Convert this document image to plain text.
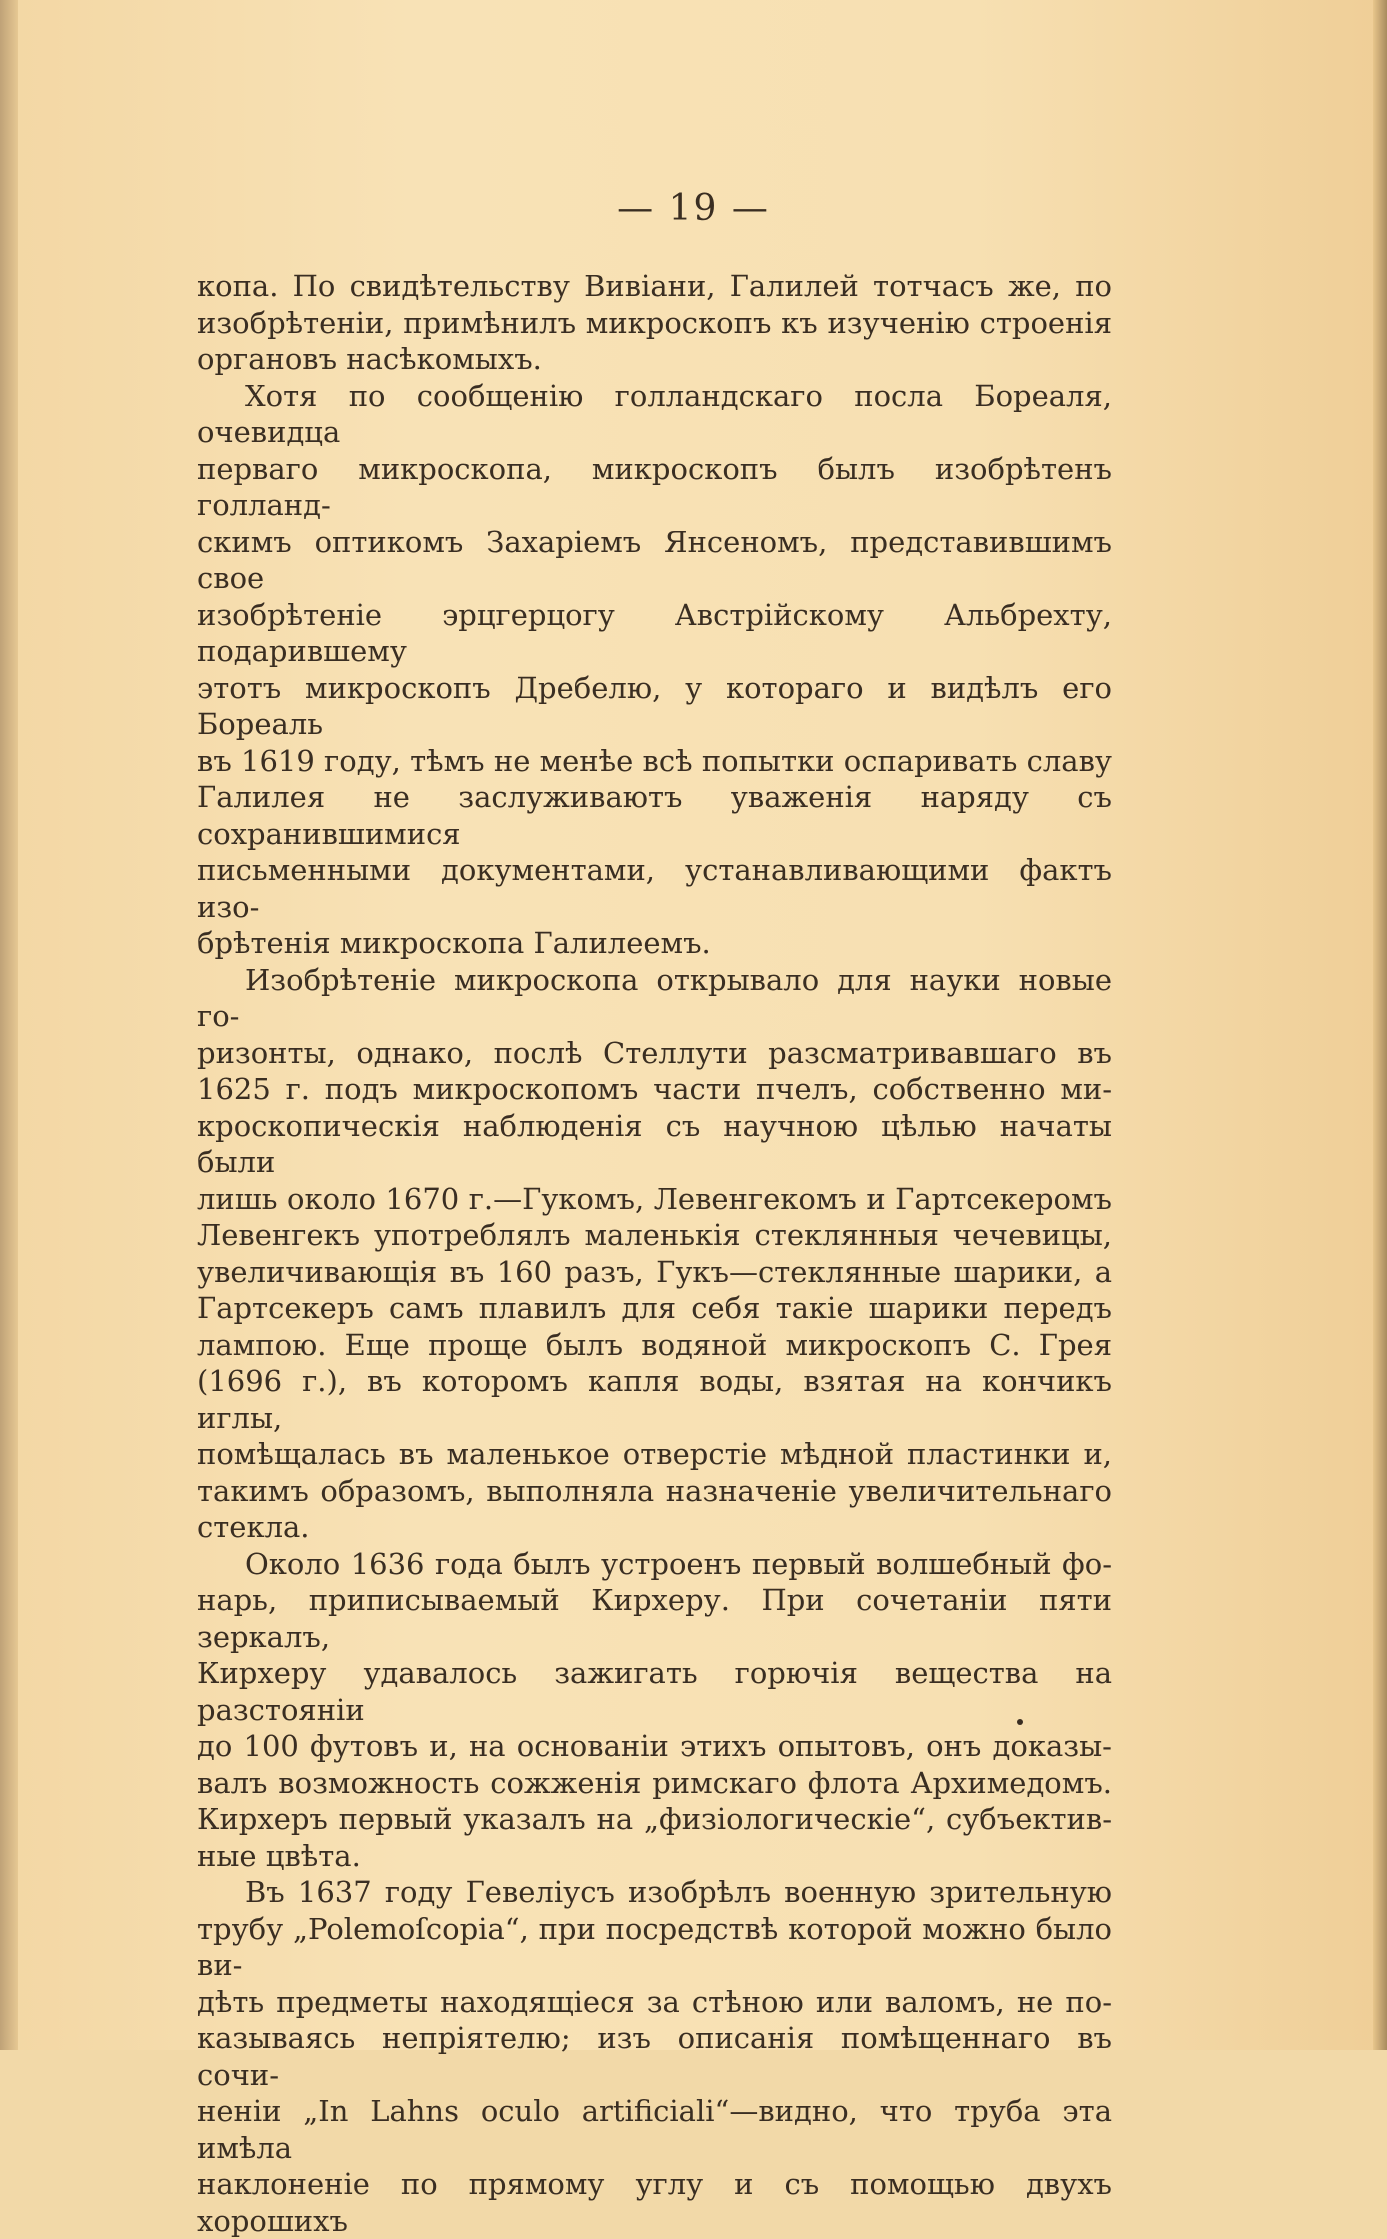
— 19 —

копа. По свидѣтельству Вивіани, Галилей тотчасъ же, по
изобрѣтеніи, примѣнилъ микроскопъ къ изученію строенія
органовъ насѣкомыхъ.
Хотя по сообщенію голландскаго посла Бореаля, очевидца
перваго микроскопа, микроскопъ былъ изобрѣтенъ голланд-
скимъ оптикомъ Захаріемъ Янсеномъ, представившимъ свое
изобрѣтеніе эрцгерцогу Австрійскому Альбрехту, подарившему
этотъ микроскопъ Дребелю, у котораго и видѣлъ его Бореаль
въ 1619 году, тѣмъ не менѣе всѣ попытки оспаривать славу
Галилея не заслуживаютъ уваженія наряду съ сохранившимися
письменными документами, устанавливающими фактъ изо-
брѣтенія микроскопа Галилеемъ.
Изобрѣтеніе микроскопа открывало для науки новые го-
ризонты, однако, послѣ Стеллути разсматривавшаго въ
1625 г. подъ микроскопомъ части пчелъ, собственно ми-
кроскопическія наблюденія съ научною цѣлью начаты были
лишь около 1670 г.—Гукомъ, Левенгекомъ и Гартсекеромъ
Левенгекъ употреблялъ маленькія стеклянныя чечевицы,
увеличивающія въ 160 разъ, Гукъ—стеклянные шарики, а
Гартсекеръ самъ плавилъ для себя такіе шарики передъ
лампою. Еще проще былъ водяной микроскопъ С. Грея
(1696 г.), въ которомъ капля воды, взятая на кончикъ иглы,
помѣщалась въ маленькое отверстіе мѣдной пластинки и,
такимъ образомъ, выполняла назначеніе увеличительнаго
стекла.
Около 1636 года былъ устроенъ первый волшебный фо-
нарь, приписываемый Кирхеру. При сочетаніи пяти зеркалъ,
Кирхеру удавалось зажигать горючія вещества на разстояніи
до 100 футовъ и, на основаніи этихъ опытовъ, онъ доказы-
валъ возможность сожженія римскаго флота Архимедомъ.
Кирхеръ первый указалъ на „физіологическіе“, субъектив-
ные цвѣта.
Въ 1637 году Гевеліусъ изобрѣлъ военную зрительную
трубу „Polemoſcopia“, при посредствѣ которой можно было ви-
дѣть предметы находящіеся за стѣною или валомъ, не по-
казываясь непріятелю; изъ описанія помѣщеннаго въ сочи-
неніи „In Lahns oculo artificiali“—видно, что труба эта имѣла
наклоненіе по прямому углу и съ помощью двухъ хорошихъ
